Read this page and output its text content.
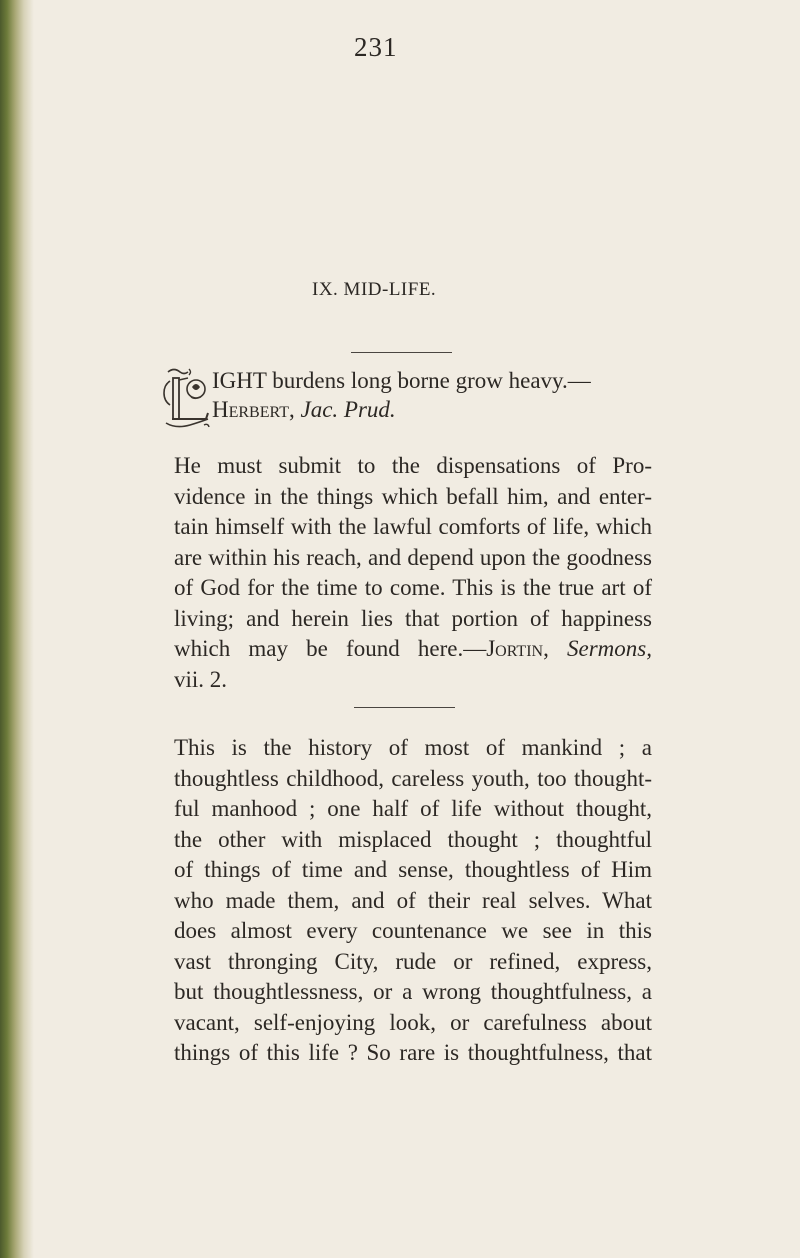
231
IX. MID-LIFE.
IGHT burdens long borne grow heavy.—
Herbert, Jac. Prud.
He must submit to the dispensations of Pro-
vidence in the things which befall him, and enter-
tain himself with the lawful comforts of life, which
are within his reach, and depend upon the goodness
of God for the time to come. This is the true art of
living; and herein lies that portion of happiness
which may be found here.—Jortin, Sermons,
vii. 2.
This is the history of most of mankind ; a
thoughtless childhood, careless youth, too thought-
ful manhood ; one half of life without thought,
the other with misplaced thought ; thoughtful
of things of time and sense, thoughtless of Him
who made them, and of their real selves. What
does almost every countenance we see in this
vast thronging City, rude or refined, express,
but thoughtlessness, or a wrong thoughtfulness, a
vacant, self-enjoying look, or carefulness about
things of this life ? So rare is thoughtfulness, that
